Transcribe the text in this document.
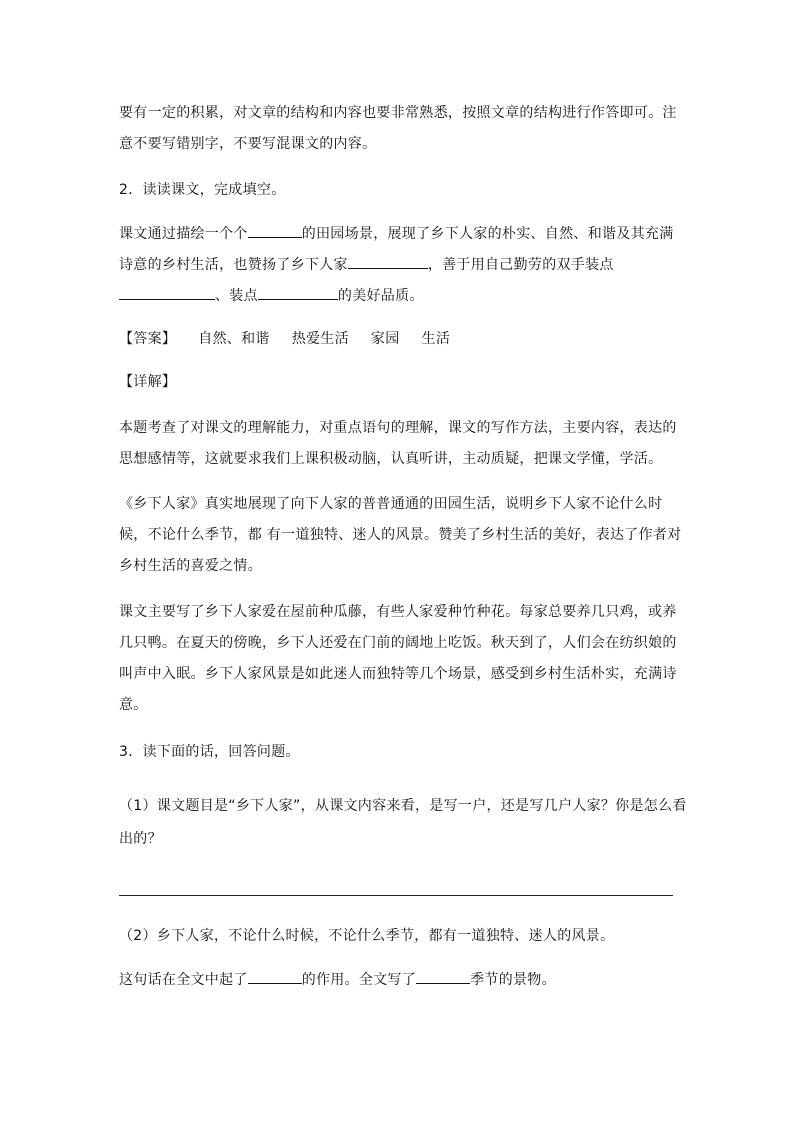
要有一定的积累，对文章的结构和内容也要非常熟悉，按照文章的结构进行作答即可。注
意不要写错别字，不要写混课文的内容。
2．读读课文，完成填空。
课文通过描绘一个个	的田园场景，展现了乡下人家的朴实、自然、和谐及其充满
诗意的乡村生活，也赞扬了乡下人家	，善于用自己勤劳的双手装点
、装点	的美好品质。
【答案】 自然、和谐 热爱生活 家园 生活
【详解】
本题考查了对课文的理解能力，对重点语句的理解，课文的写作方法，主要内容，表达的
思想感情等，这就要求我们上课积极动脑，认真听讲，主动质疑，把课文学懂，学活。
《乡下人家》真实地展现了向下人家的普普通通的田园生活，说明乡下人家不论什么时
候，不论什么季节，都 有一道独特、迷人的风景。赞美了乡村生活的美好，表达了作者对
乡村生活的喜爱之情。
课文主要写了乡下人家爱在屋前种瓜藤，有些人家爱种竹种花。每家总要养几只鸡，或养
几只鸭。在夏天的傍晚，乡下人还爱在门前的阔地上吃饭。秋天到了，人们会在纺织娘的
叫声中入眠。乡下人家风景是如此迷人而独特等几个场景，感受到乡村生活朴实，充满诗
意。
3．读下面的话，回答问题。
（1）课文题目是“乡下人家”，从课文内容来看，是写一户，还是写几户人家？你是怎么看
出的？
（2）乡下人家，不论什么时候，不论什么季节，都有一道独特、迷人的风景。
这句话在全文中起了	的作用。全文写了	季节的景物。
